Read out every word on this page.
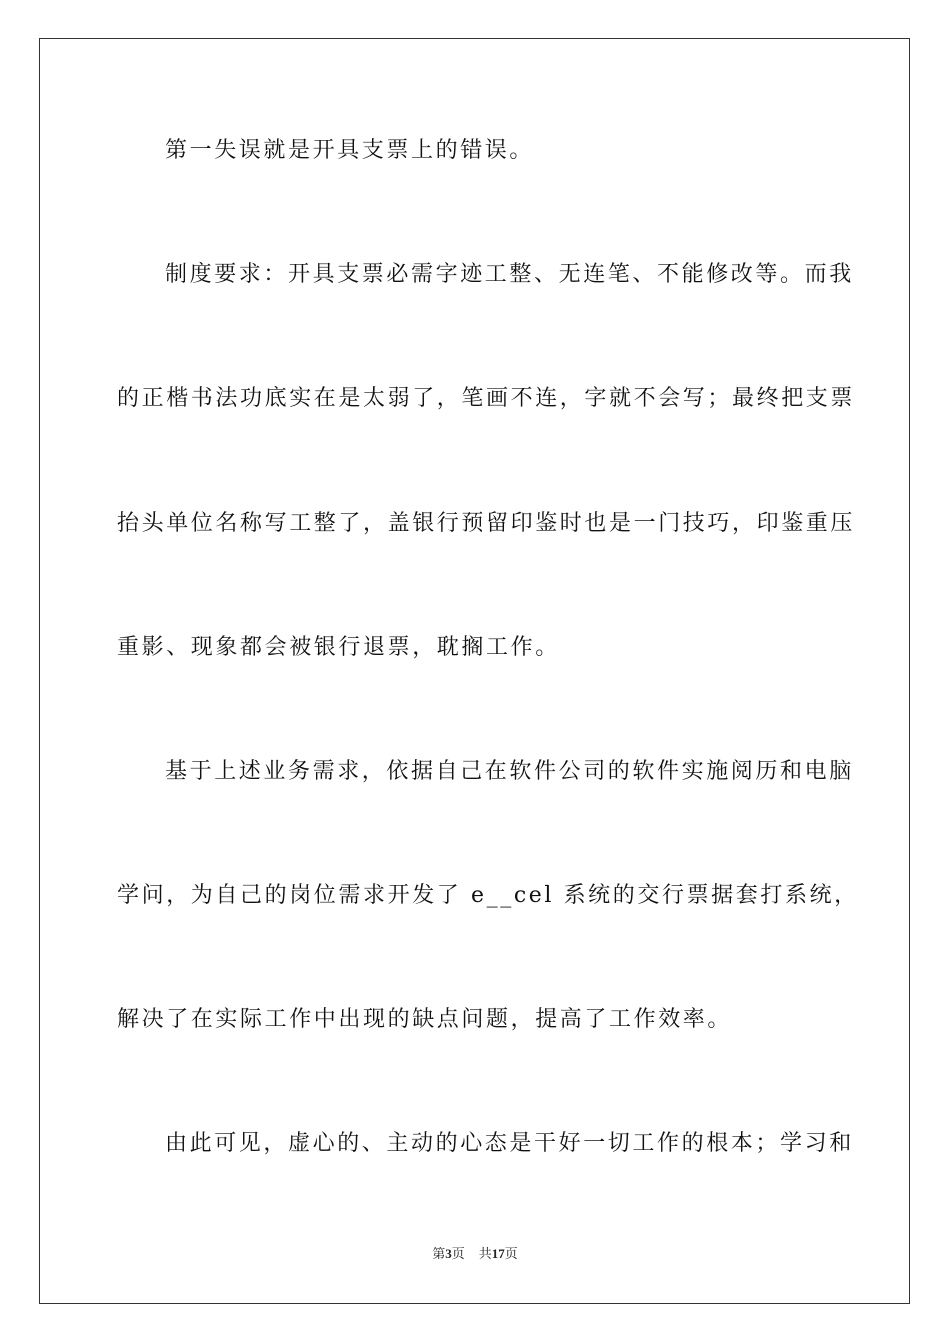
第一失误就是开具支票上的错误。
制度要求：开具支票必需字迹工整、无连笔、不能修改等。而我
的正楷书法功底实在是太弱了，笔画不连，字就不会写；最终把支票
抬头单位名称写工整了，盖银行预留印鉴时也是一门技巧，印鉴重压
重影、现象都会被银行退票，耽搁工作。
基于上述业务需求，依据自己在软件公司的软件实施阅历和电脑
学问，为自己的岗位需求开发了 e__cel 系统的交行票据套打系统，
解决了在实际工作中出现的缺点问题，提高了工作效率。
由此可见，虚心的、主动的心态是干好一切工作的根本；学习和
第3页 共17页
